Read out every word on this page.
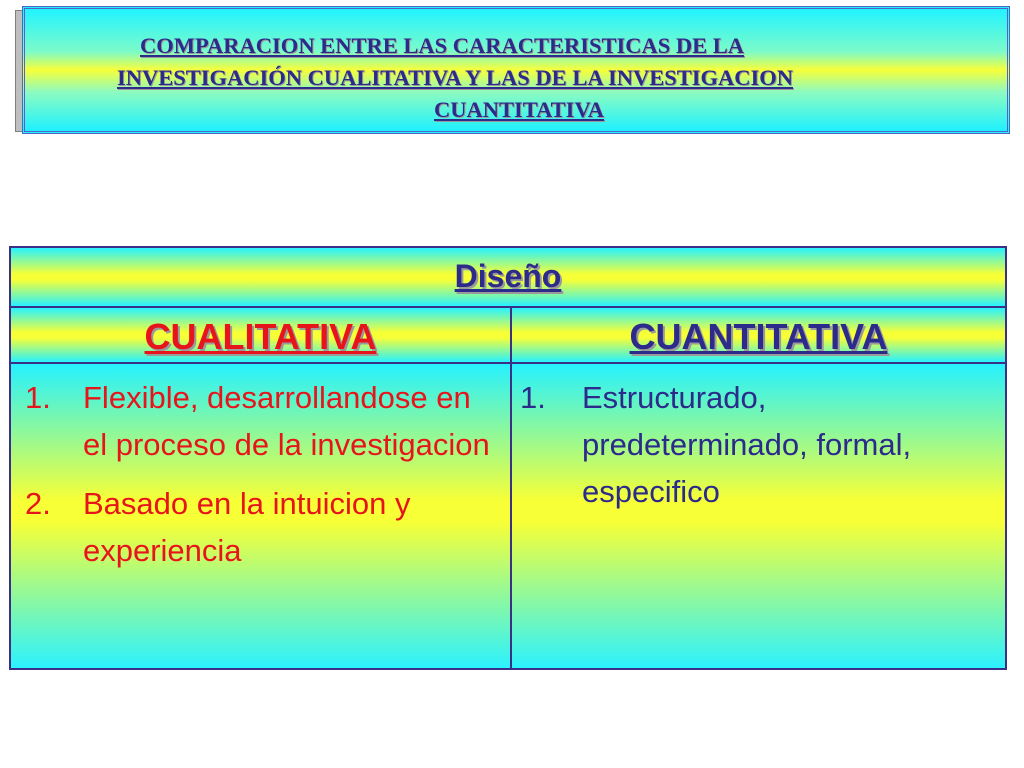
COMPARACION ENTRE LAS CARACTERISTICAS DE LA
INVESTIGACIÓN CUALITATIVA Y LAS DE LA INVESTIGACION
CUANTITATIVA
Diseño
CUALITATIVA	CUANTITATIVA
1. Flexible, desarrollandose en el proceso de la investigacion
2. Basado en la intuicion y experiencia
1. Estructurado, predeterminado, formal, especifico
